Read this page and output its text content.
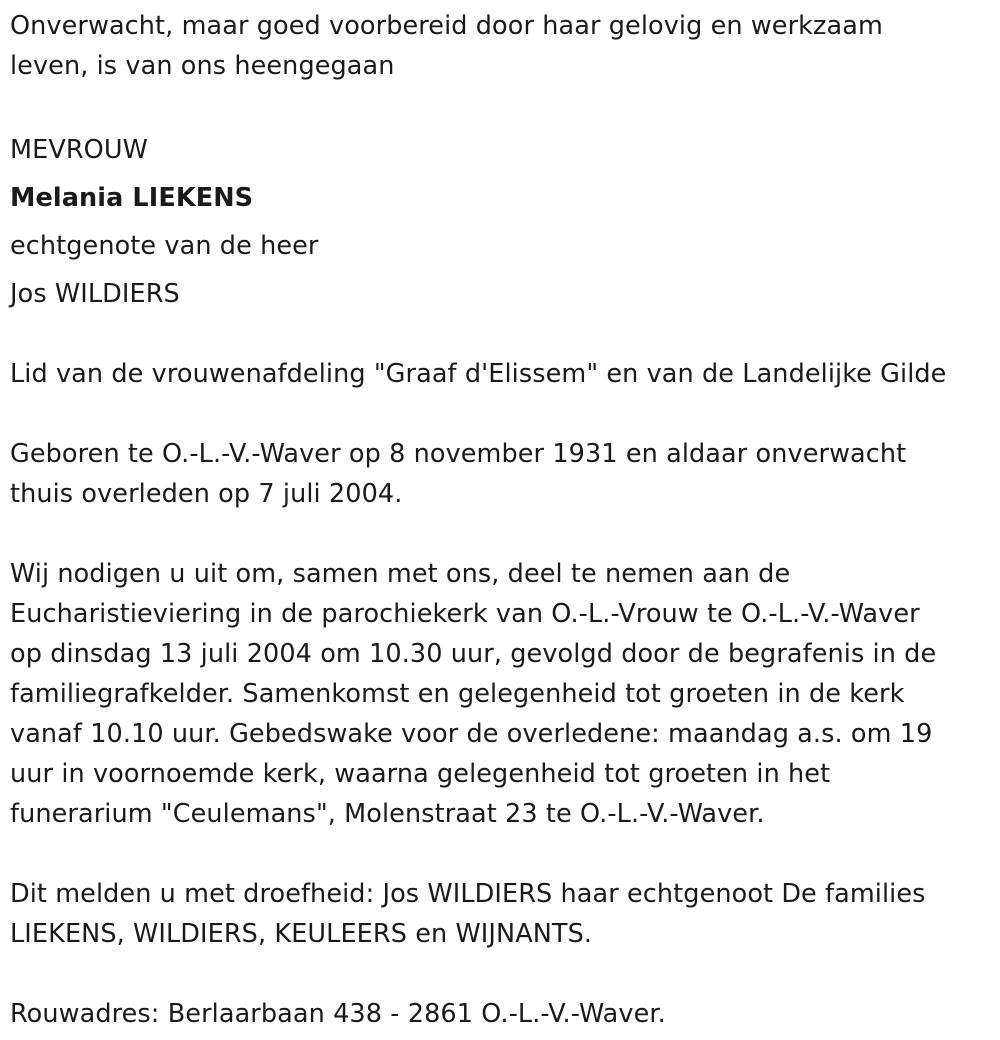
Onverwacht, maar goed voorbereid door haar gelovig en werkzaam
leven, is van ons heengegaan
MEVROUW
Melania LIEKENS
echtgenote van de heer
Jos WILDIERS
Lid van de vrouwenafdeling "Graaf d'Elissem" en van de Landelijke Gilde
Geboren te O.-L.-V.-Waver op 8 november 1931 en aldaar onverwacht
thuis overleden op 7 juli 2004.
Wij nodigen u uit om, samen met ons, deel te nemen aan de
Eucharistieviering in de parochiekerk van O.-L.-Vrouw te O.-L.-V.-Waver
op dinsdag 13 juli 2004 om 10.30 uur, gevolgd door de begrafenis in de
familiegrafkelder. Samenkomst en gelegenheid tot groeten in de kerk
vanaf 10.10 uur. Gebedswake voor de overledene: maandag a.s. om 19
uur in voornoemde kerk, waarna gelegenheid tot groeten in het
funerarium "Ceulemans", Molenstraat 23 te O.-L.-V.-Waver.
Dit melden u met droefheid: Jos WILDIERS haar echtgenoot De families
LIEKENS, WILDIERS, KEULEERS en WIJNANTS.
Rouwadres: Berlaarbaan 438 - 2861 O.-L.-V.-Waver.
